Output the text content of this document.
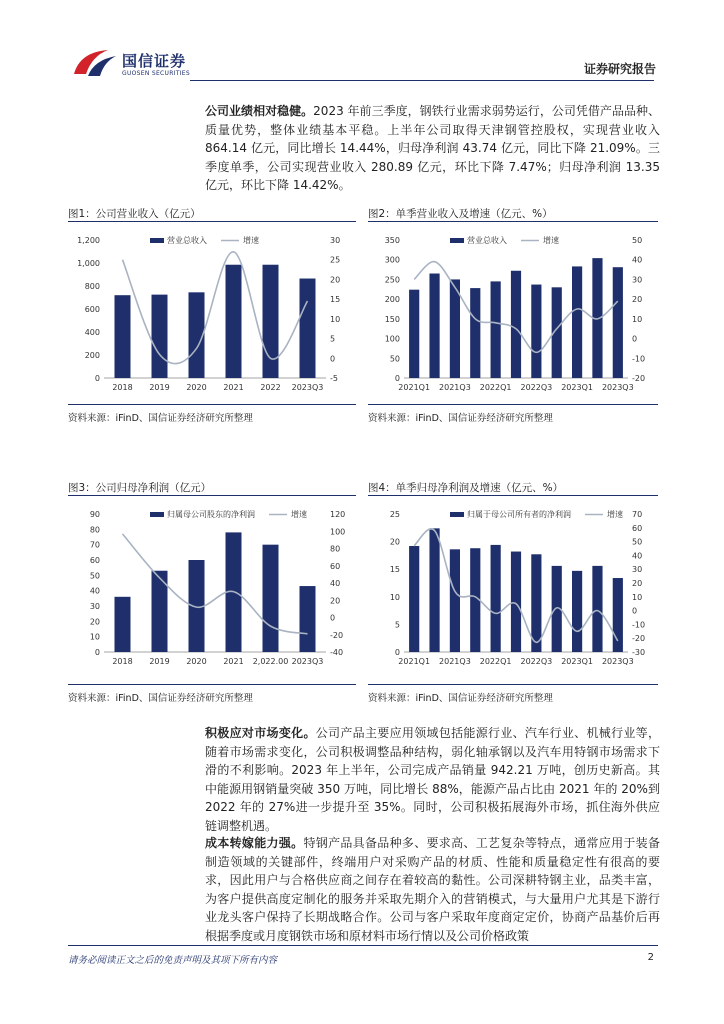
国信证券
GUOSEN SECURITIES	证券研究报告
公司业绩相对稳健。2023 年前三季度，钢铁行业需求弱势运行，公司凭借产品品种、质量优势，整体业绩基本平稳。上半年公司取得天津钢管控股权，实现营业收入 864.14 亿元，同比增长 14.44%，归母净利润 43.74 亿元，同比下降 21.09%。三季度单季，公司实现营业收入 280.89 亿元，环比下降 7.47%；归母净利润 13.35 亿元，环比下降 14.42%。
图1：公司营业收入（亿元）	图2：单季营业收入及增速（亿元、%）
0
200
400
600
800
1,000
1,200
-5
0
5
10
15
20
25
30
2018 2019 2020 2021 2022 2023Q3
营业总收入	增速
0
50
100
150
200
250
300
350
-20
-10
0
10
20
30
40
50
2021Q1 2021Q3 2022Q1 2022Q3 2023Q1 2023Q3
营业总收入	增速
资料来源：iFinD、国信证券经济研究所整理	资料来源：iFinD、国信证券经济研究所整理
图3：公司归母净利润（亿元）	图4：单季归母净利润及增速（亿元、%）
0
10
20
30
40
50
60
70
80
90
-40
-20
0
20
40
60
80
100
120
2018 2019 2020 2021 2,022.00 2023Q3
归属母公司股东的净利润	增速
0
5
10
15
20
25
-30
-20
-10
0
10
20
30
40
50
60
70
2021Q1 2021Q3 2022Q1 2022Q3 2023Q1 2023Q3
归属于母公司所有者的净利润	增速
资料来源：iFinD、国信证券经济研究所整理	资料来源：iFinD、国信证券经济研究所整理
积极应对市场变化。公司产品主要应用领域包括能源行业、汽车行业、机械行业等，随着市场需求变化，公司积极调整品种结构，弱化轴承钢以及汽车用特钢市场需求下滑的不利影响。2023 年上半年，公司完成产品销量 942.21 万吨，创历史新高。其中能源用钢销量突破 350 万吨，同比增长 88%，能源产品占比由 2021 年的 20%到 2022 年的 27%进一步提升至 35%。同时，公司积极拓展海外市场，抓住海外供应链调整机遇。
成本转嫁能力强。特钢产品具备品种多、要求高、工艺复杂等特点，通常应用于装备制造领域的关键部件，终端用户对采购产品的材质、性能和质量稳定性有很高的要求，因此用户与合格供应商之间存在着较高的黏性。公司深耕特钢主业，品类丰富，为客户提供高度定制化的服务并采取先期介入的营销模式，与大量用户尤其是下游行业龙头客户保持了长期战略合作。公司与客户采取年度商定定价，协商产品基价后再根据季度或月度钢铁市场和原材料市场行情以及公司价格政策
请务必阅读正文之后的免责声明及其项下所有内容	2
